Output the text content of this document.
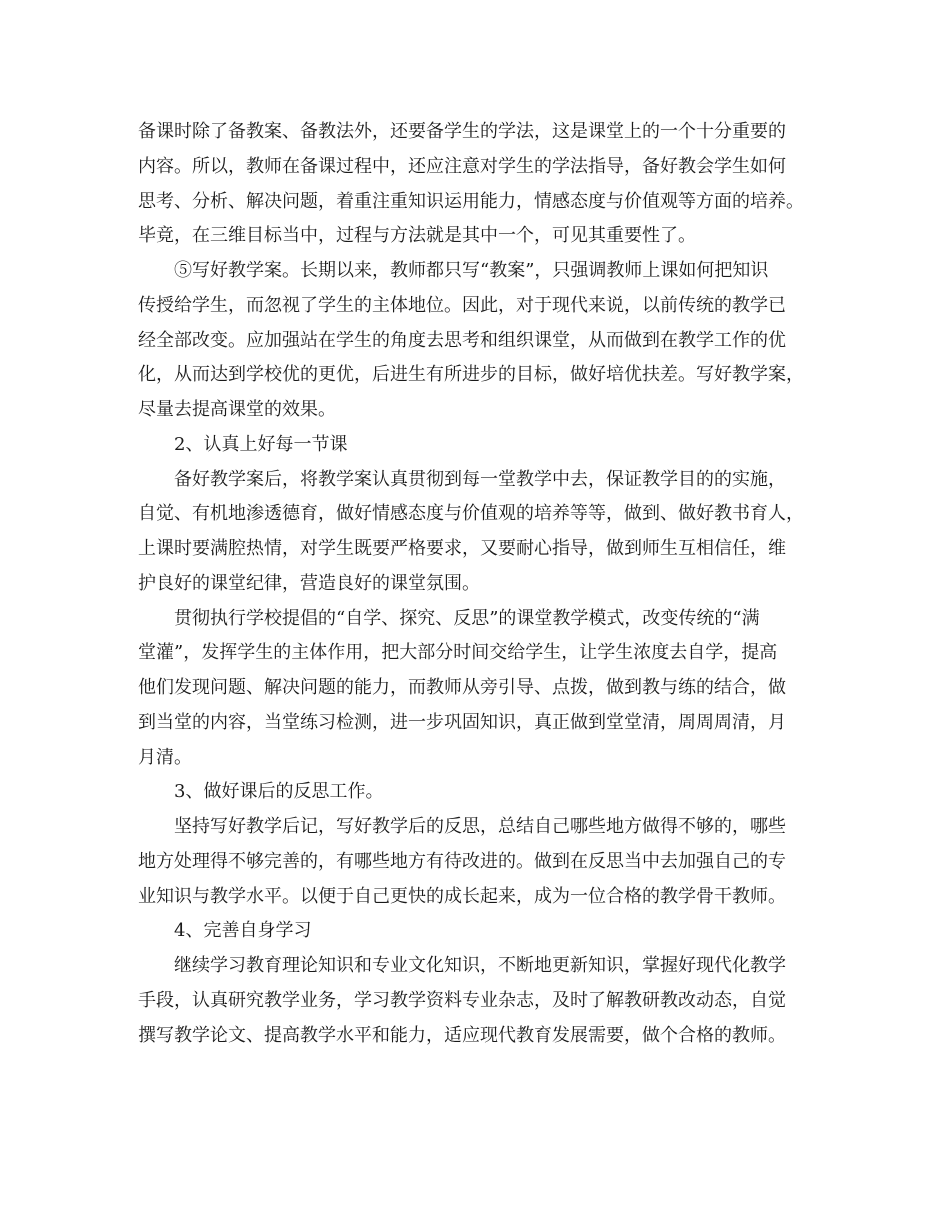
备课时除了备教案、备教法外，还要备学生的学法，这是课堂上的一个十分重要的
内容。所以，教师在备课过程中，还应注意对学生的学法指导，备好教会学生如何
思考、分析、解决问题，着重注重知识运用能力，情感态度与价值观等方面的培养。
毕竟，在三维目标当中，过程与方法就是其中一个，可见其重要性了。
⑤写好教学案。长期以来，教师都只写“教案”，只强调教师上课如何把知识
传授给学生，而忽视了学生的主体地位。因此，对于现代来说，以前传统的教学已
经全部改变。应加强站在学生的角度去思考和组织课堂，从而做到在教学工作的优
化，从而达到学校优的更优，后进生有所进步的目标，做好培优扶差。写好教学案，
尽量去提高课堂的效果。
2、认真上好每一节课
备好教学案后，将教学案认真贯彻到每一堂教学中去，保证教学目的的实施，
自觉、有机地渗透德育，做好情感态度与价值观的培养等等，做到、做好教书育人，
上课时要满腔热情，对学生既要严格要求，又要耐心指导，做到师生互相信任，维
护良好的课堂纪律，营造良好的课堂氛围。
贯彻执行学校提倡的“自学、探究、反思”的课堂教学模式，改变传统的“满
堂灌”，发挥学生的主体作用，把大部分时间交给学生，让学生浓度去自学，提高
他们发现问题、解决问题的能力，而教师从旁引导、点拨，做到教与练的结合，做
到当堂的内容，当堂练习检测，进一步巩固知识，真正做到堂堂清，周周周清，月
月清。
3、做好课后的反思工作。
坚持写好教学后记，写好教学后的反思，总结自己哪些地方做得不够的，哪些
地方处理得不够完善的，有哪些地方有待改进的。做到在反思当中去加强自己的专
业知识与教学水平。以便于自己更快的成长起来，成为一位合格的教学骨干教师。
4、完善自身学习
继续学习教育理论知识和专业文化知识，不断地更新知识，掌握好现代化教学
手段，认真研究教学业务，学习教学资料专业杂志，及时了解教研教改动态，自觉
撰写教学论文、提高教学水平和能力，适应现代教育发展需要，做个合格的教师。
